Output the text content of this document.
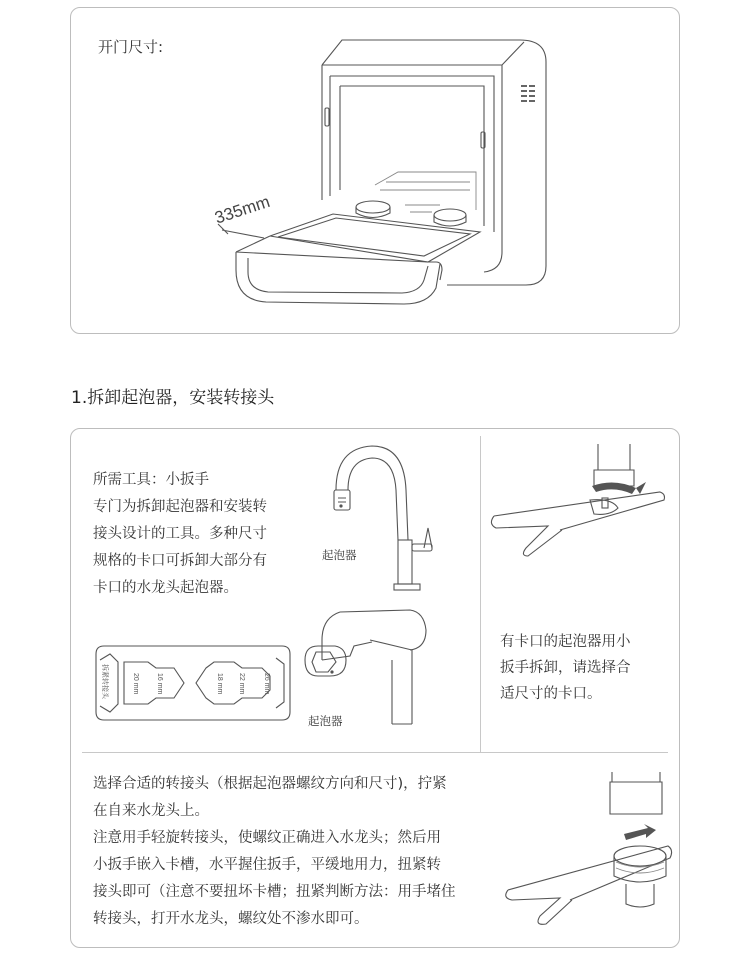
开门尺寸:
335mm
1.拆卸起泡器，安装转接头
所需工具：小扳手
专门为拆卸起泡器和安装转
接头设计的工具。多种尺寸
规格的卡口可拆卸大部分有
卡口的水龙头起泡器。
起泡器
起泡器
拆紧转接头	20 mm 16 mm	18 mm 22 mm	26 mm
有卡口的起泡器用小
扳手拆卸，请选择合
适尺寸的卡口。
选择合适的转接头（根据起泡器螺纹方向和尺寸)，拧紧
在自来水龙头上。
注意用手轻旋转接头，使螺纹正确进入水龙头；然后用
小扳手嵌入卡槽，水平握住扳手，平缓地用力，扭紧转
接头即可（注意不要扭坏卡槽；扭紧判断方法：用手堵住
转接头，打开水龙头，螺纹处不渗水即可。
